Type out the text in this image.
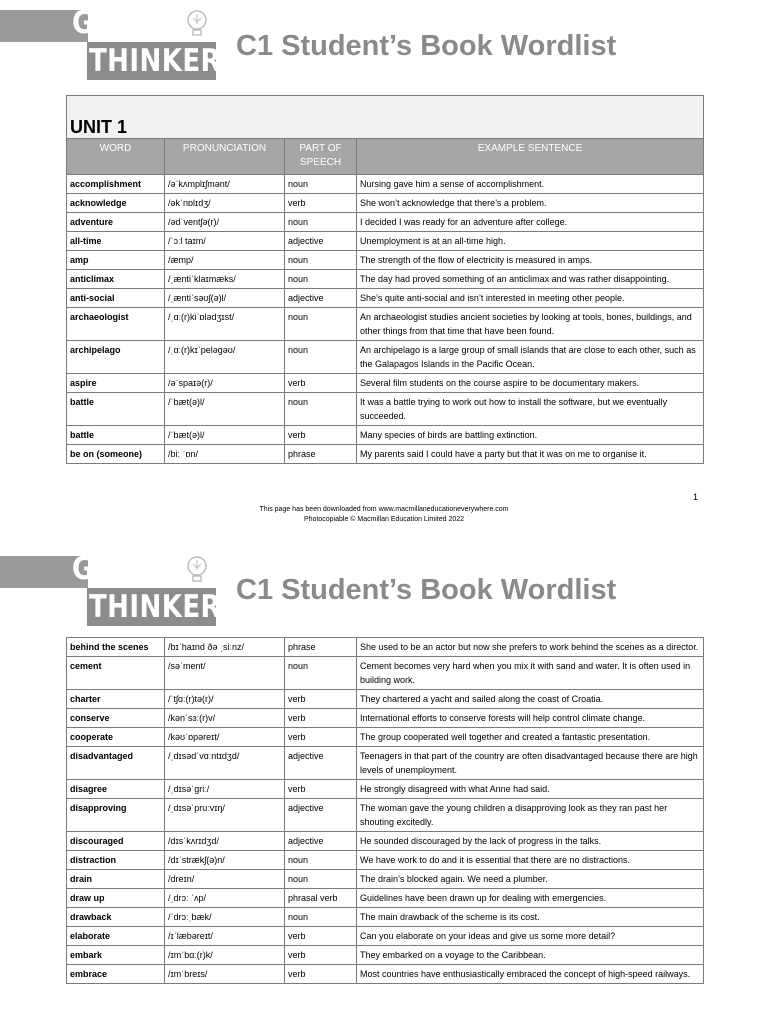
GREAT
THINKERS
C1 Student’s Book Wordlist
UNIT 1			
WORD	PRONUNCIATION	PART OF SPEECH	EXAMPLE SENTENCE
accomplishment	/əˈkʌmplɪʃmənt/	noun	Nursing gave him a sense of accomplishment.
acknowledge	/əkˈnɒlɪdʒ/	verb	She won’t acknowledge that there’s a problem.
adventure	/ədˈventʃə(r)/	noun	I decided I was ready for an adventure after college.
all-time	/ˈɔːl taɪm/	adjective	Unemployment is at an all-time high.
amp	/æmp/	noun	The strength of the flow of electricity is measured in amps.
anticlimax	/ˌæntiˈklaɪmæks/	noun	The day had proved something of an anticlimax and was rather disappointing.
anti-social	/ˌæntiˈsəʊʃ(ə)l/	adjective	She’s quite anti-social and isn’t interested in meeting other people.
archaeologist	/ˌɑː(r)kiˈɒlədʒɪst/	noun	An archaeologist studies ancient societies by looking at tools, bones, buildings, and other things from that time that have been found.
archipelago	/ˌɑː(r)kɪˈpeləgəʊ/	noun	An archipelago is a large group of small islands that are close to each other, such as the Galapagos Islands in the Pacific Ocean.
aspire	/əˈspaɪə(r)/	verb	Several film students on the course aspire to be documentary makers.
battle	/ˈbæt(ə)l/	noun	It was a battle trying to work out how to install the software, but we eventually succeeded.
battle	/ˈbæt(ə)l/	verb	Many species of birds are battling extinction.
be on (someone)	/biː ˈɒn/	phrase	My parents said I could have a party but that it was on me to organise it.
1
This page has been downloaded from www.macmillaneducationeverywhere.com
Photocopiable © Macmillan Education Limited 2022
GREAT
THINKERS
C1 Student’s Book Wordlist
behind the scenes	/bɪˈhaɪnd ðə ˌsiːnz/	phrase	She used to be an actor but now she prefers to work behind the scenes as a director.
cement	/səˈment/	noun	Cement becomes very hard when you mix it with sand and water. It is often used in building work.
charter	/ˈtʃɑː(r)tə(r)/	verb	They chartered a yacht and sailed along the coast of Croatia.
conserve	/kənˈsɜː(r)v/	verb	International efforts to conserve forests will help control climate change.
cooperate	/kəʊˈɒpəreɪt/	verb	The group cooperated well together and created a fantastic presentation.
disadvantaged	/ˌdɪsədˈvɑːntɪdʒd/	adjective	Teenagers in that part of the country are often disadvantaged because there are high levels of unemployment.
disagree	/ˌdɪsəˈgriː/	verb	He strongly disagreed with what Anne had said.
disapproving	/ˌdɪsəˈpruːvɪŋ/	adjective	The woman gave the young children a disapproving look as they ran past her shouting excitedly.
discouraged	/dɪsˈkʌrɪdʒd/	adjective	He sounded discouraged by the lack of progress in the talks.
distraction	/dɪˈstrækʃ(ə)n/	noun	We have work to do and it is essential that there are no distractions.
drain	/dreɪn/	noun	The drain’s blocked again. We need a plumber.
draw up	/ˌdrɔː ˈʌp/	phrasal verb	Guidelines have been drawn up for dealing with emergencies.
drawback	/ˈdrɔːˌbæk/	noun	The main drawback of the scheme is its cost.
elaborate	/ɪˈlæbəreɪt/	verb	Can you elaborate on your ideas and give us some more detail?
embark	/ɪmˈbɑː(r)k/	verb	They embarked on a voyage to the Caribbean.
embrace	/ɪmˈbreɪs/	verb	Most countries have enthusiastically embraced the concept of high-speed railways.
